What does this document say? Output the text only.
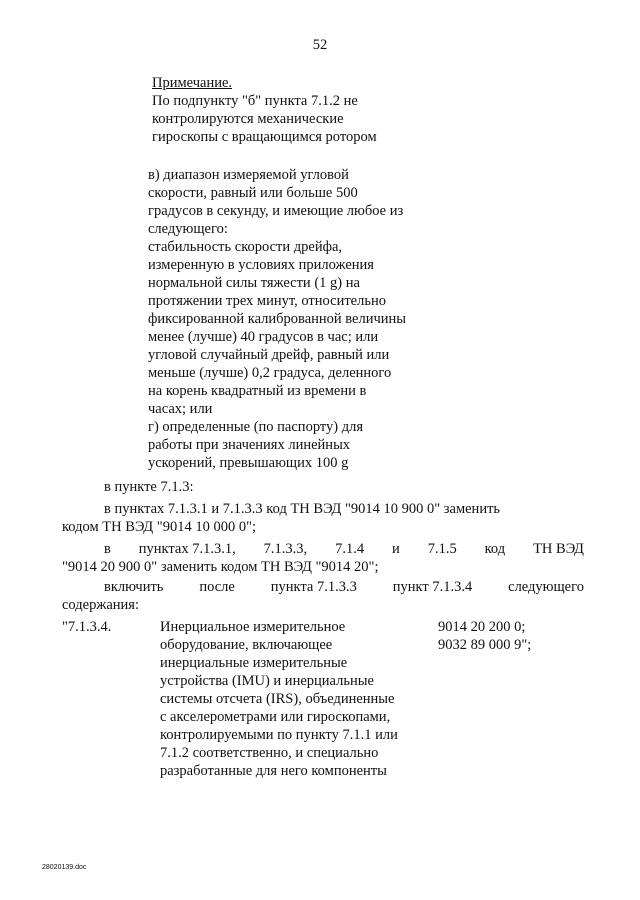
52
Примечание.
По подпункту "б" пункта 7.1.2 не
контролируются механические
гироскопы с вращающимся ротором
в) диапазон измеряемой угловой
скорости, равный или больше 500
градусов в секунду, и имеющие любое из
следующего:
стабильность скорости дрейфа,
измеренную в условиях приложения
нормальной силы тяжести (1 g) на
протяжении трех минут, относительно
фиксированной калиброванной величины
менее (лучше) 40 градусов в час; или
угловой случайный дрейф, равный или
меньше (лучше) 0,2 градуса, деленного
на корень квадратный из времени в
часах; или
г) определенные (по паспорту) для
работы при значениях линейных
ускорений, превышающих 100 g
в пункте 7.1.3:
в пунктах 7.1.3.1 и 7.1.3.3 код ТН ВЭД "9014 10 900 0" заменить
кодом ТН ВЭД "9014 10 000 0";
в пунктах 7.1.3.1, 7.1.3.3, 7.1.4 и 7.1.5 код ТН ВЭД
"9014 20 900 0" заменить кодом ТН ВЭД "9014 20";
включить после пункта 7.1.3.3 пункт 7.1.3.4 следующего
содержания:
"7.1.3.4.	Инерциальное измерительное
оборудование, включающее
инерциальные измерительные
устройства (IMU) и инерциальные
системы отсчета (IRS), объединенные
с акселерометрами или гироскопами,
контролируемыми по пункту 7.1.1 или
7.1.2 соответственно, и специально
разработанные для него компоненты
9014 20 200 0;
9032 89 000 9";
28020139.doc
